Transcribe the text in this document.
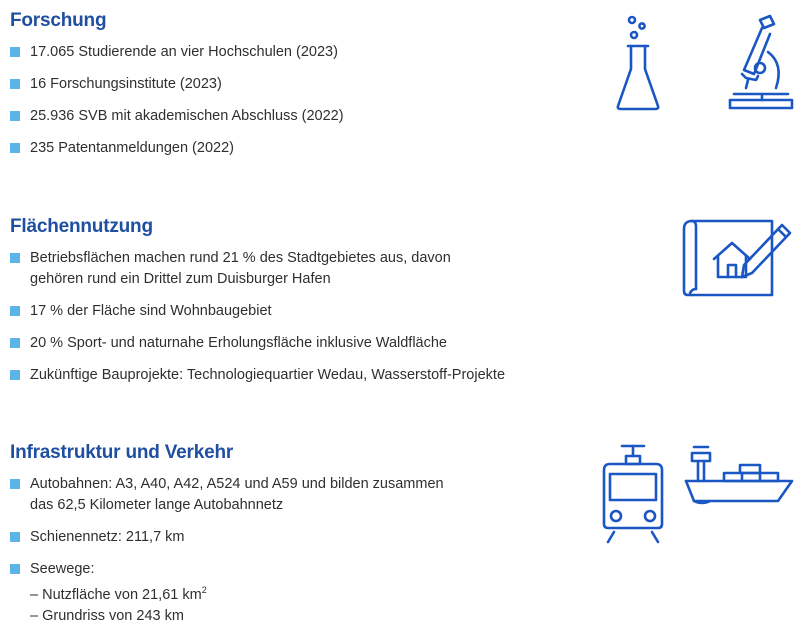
Forschung
17.065 Studierende an vier Hochschulen (2023)
16 Forschungsinstitute (2023)
25.936 SVB mit akademischen Abschluss (2022)
235 Patentanmeldungen (2022)
Flächennutzung
Betriebsflächen machen rund 21 % des Stadtgebietes aus, davon
gehören rund ein Drittel zum Duisburger Hafen
17 % der Fläche sind Wohnbaugebiet
20 % Sport- und naturnahe Erholungsfläche inklusive Waldfläche
Zukünftige Bauprojekte: Technologiequartier Wedau, Wasserstoff-Projekte
Infrastruktur und Verkehr
Autobahnen: A3, A40, A42, A524 und A59 und bilden zusammen
das 62,5 Kilometer lange Autobahnnetz
Schienennetz: 211,7 km
Seewege:
– Nutzfläche von 21,61 $km^2$
– Grundriss von 243 km
